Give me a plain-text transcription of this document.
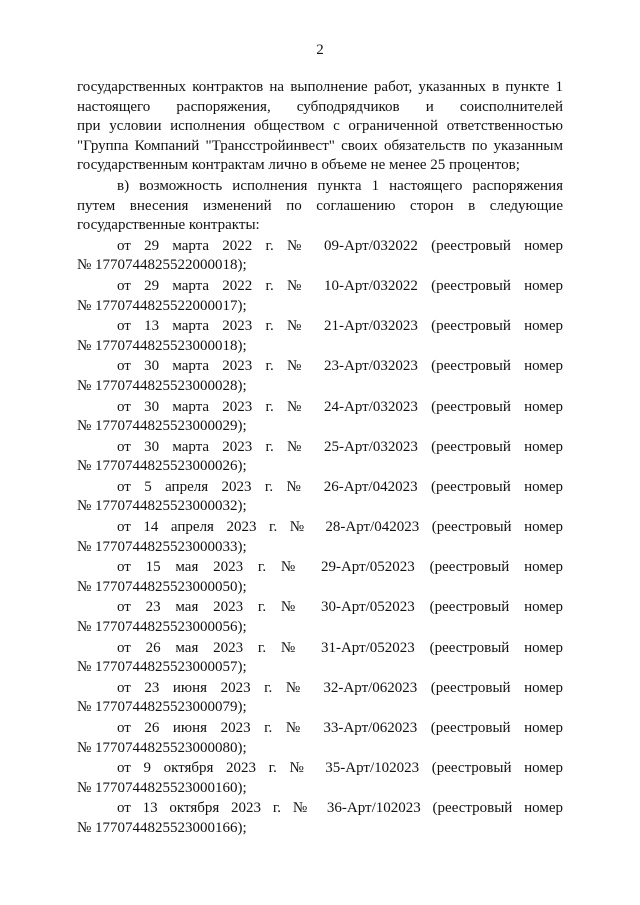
2
государственных контрактов на выполнение работ, указанных в пункте 1
настоящего распоряжения, субподрядчиков и соисполнителей
при условии исполнения обществом с ограниченной ответственностью
"Группа Компаний "Трансстройинвест" своих обязательств по указанным
государственным контрактам лично в объеме не менее 25 процентов;
в) возможность исполнения пункта 1 настоящего распоряжения
путем внесения изменений по соглашению сторон в следующие
государственные контракты:
от 29 марта 2022 г. № 09-Арт/032022 (реестровый номер
№ 1770744825522000018);
от 29 марта 2022 г. № 10-Арт/032022 (реестровый номер
№ 1770744825522000017);
от 13 марта 2023 г. № 21-Арт/032023 (реестровый номер
№ 1770744825523000018);
от 30 марта 2023 г. № 23-Арт/032023 (реестровый номер
№ 1770744825523000028);
от 30 марта 2023 г. № 24-Арт/032023 (реестровый номер
№ 1770744825523000029);
от 30 марта 2023 г. № 25-Арт/032023 (реестровый номер
№ 1770744825523000026);
от 5 апреля 2023 г. № 26-Арт/042023 (реестровый номер
№ 1770744825523000032);
от 14 апреля 2023 г. № 28-Арт/042023 (реестровый номер
№ 1770744825523000033);
от 15 мая 2023 г. № 29-Арт/052023 (реестровый номер
№ 1770744825523000050);
от 23 мая 2023 г. № 30-Арт/052023 (реестровый номер
№ 1770744825523000056);
от 26 мая 2023 г. № 31-Арт/052023 (реестровый номер
№ 1770744825523000057);
от 23 июня 2023 г. № 32-Арт/062023 (реестровый номер
№ 1770744825523000079);
от 26 июня 2023 г. № 33-Арт/062023 (реестровый номер
№ 1770744825523000080);
от 9 октября 2023 г. № 35-Арт/102023 (реестровый номер
№ 1770744825523000160);
от 13 октября 2023 г. № 36-Арт/102023 (реестровый номер
№ 1770744825523000166);
